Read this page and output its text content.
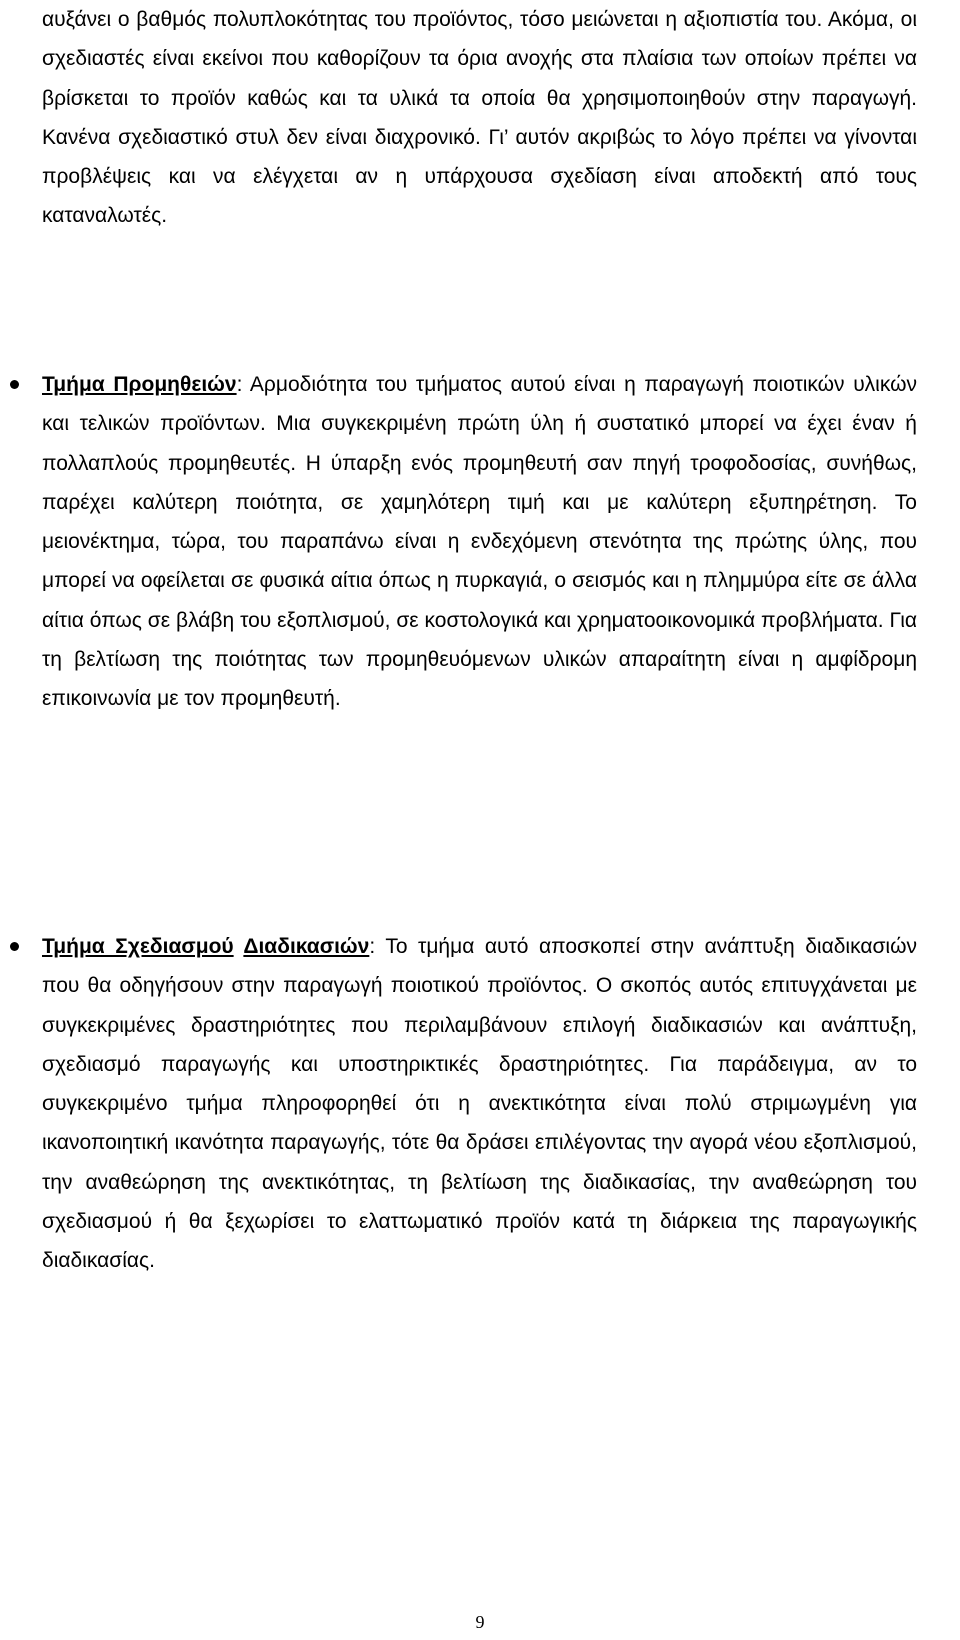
αυξάνει ο βαθμός πολυπλοκότητας του προϊόντος, τόσο μειώνεται η αξιοπιστία του. Ακόμα, οι σχεδιαστές είναι εκείνοι που καθορίζουν τα όρια ανοχής στα πλαίσια των οποίων πρέπει να βρίσκεται το προϊόν καθώς και τα υλικά τα οποία θα χρησιμοποιηθούν στην παραγωγή. Κανένα σχεδιαστικό στυλ δεν είναι διαχρονικό. Γι’ αυτόν ακριβώς το λόγο πρέπει να γίνονται προβλέψεις και να ελέγχεται αν η υπάρχουσα σχεδίαση είναι αποδεκτή από τους καταναλωτές.

Τμήμα Προμηθειών: Αρμοδιότητα του τμήματος αυτού είναι η παραγωγή ποιοτικών υλικών και τελικών προϊόντων. Μια συγκεκριμένη πρώτη ύλη ή συστατικό μπορεί να έχει έναν ή πολλαπλούς προμηθευτές. Η ύπαρξη ενός προμηθευτή σαν πηγή τροφοδοσίας, συνήθως, παρέχει καλύτερη ποιότητα, σε χαμηλότερη τιμή και με καλύτερη εξυπηρέτηση. Το μειονέκτημα, τώρα, του παραπάνω είναι η ενδεχόμενη στενότητα της πρώτης ύλης, που μπορεί να οφείλεται σε φυσικά αίτια όπως η πυρκαγιά, ο σεισμός και η πλημμύρα είτε σε άλλα αίτια όπως σε βλάβη του εξοπλισμού, σε κοστολογικά και χρηματοοικονομικά προβλήματα. Για τη βελτίωση της ποιότητας των προμηθευόμενων υλικών απαραίτητη είναι η αμφίδρομη επικοινωνία με τον προμηθευτή.
Τμήμα Σχεδιασμού Διαδικασιών: Το τμήμα αυτό αποσκοπεί στην ανάπτυξη διαδικασιών που θα οδηγήσουν στην παραγωγή ποιοτικού προϊόντος. Ο σκοπός αυτός επιτυγχάνεται με συγκεκριμένες δραστηριότητες που περιλαμβάνουν επιλογή διαδικασιών και ανάπτυξη, σχεδιασμό παραγωγής και υποστηρικτικές δραστηριότητες. Για παράδειγμα, αν το συγκεκριμένο τμήμα πληροφορηθεί ότι η ανεκτικότητα είναι πολύ στριμωγμένη για ικανοποιητική ικανότητα παραγωγής, τότε θα δράσει επιλέγοντας την αγορά νέου εξοπλισμού, την αναθεώρηση της ανεκτικότητας, τη βελτίωση της διαδικασίας, την αναθεώρηση του σχεδιασμού ή θα ξεχωρίσει το ελαττωματικό προϊόν κατά τη διάρκεια της παραγωγικής διαδικασίας.
9
